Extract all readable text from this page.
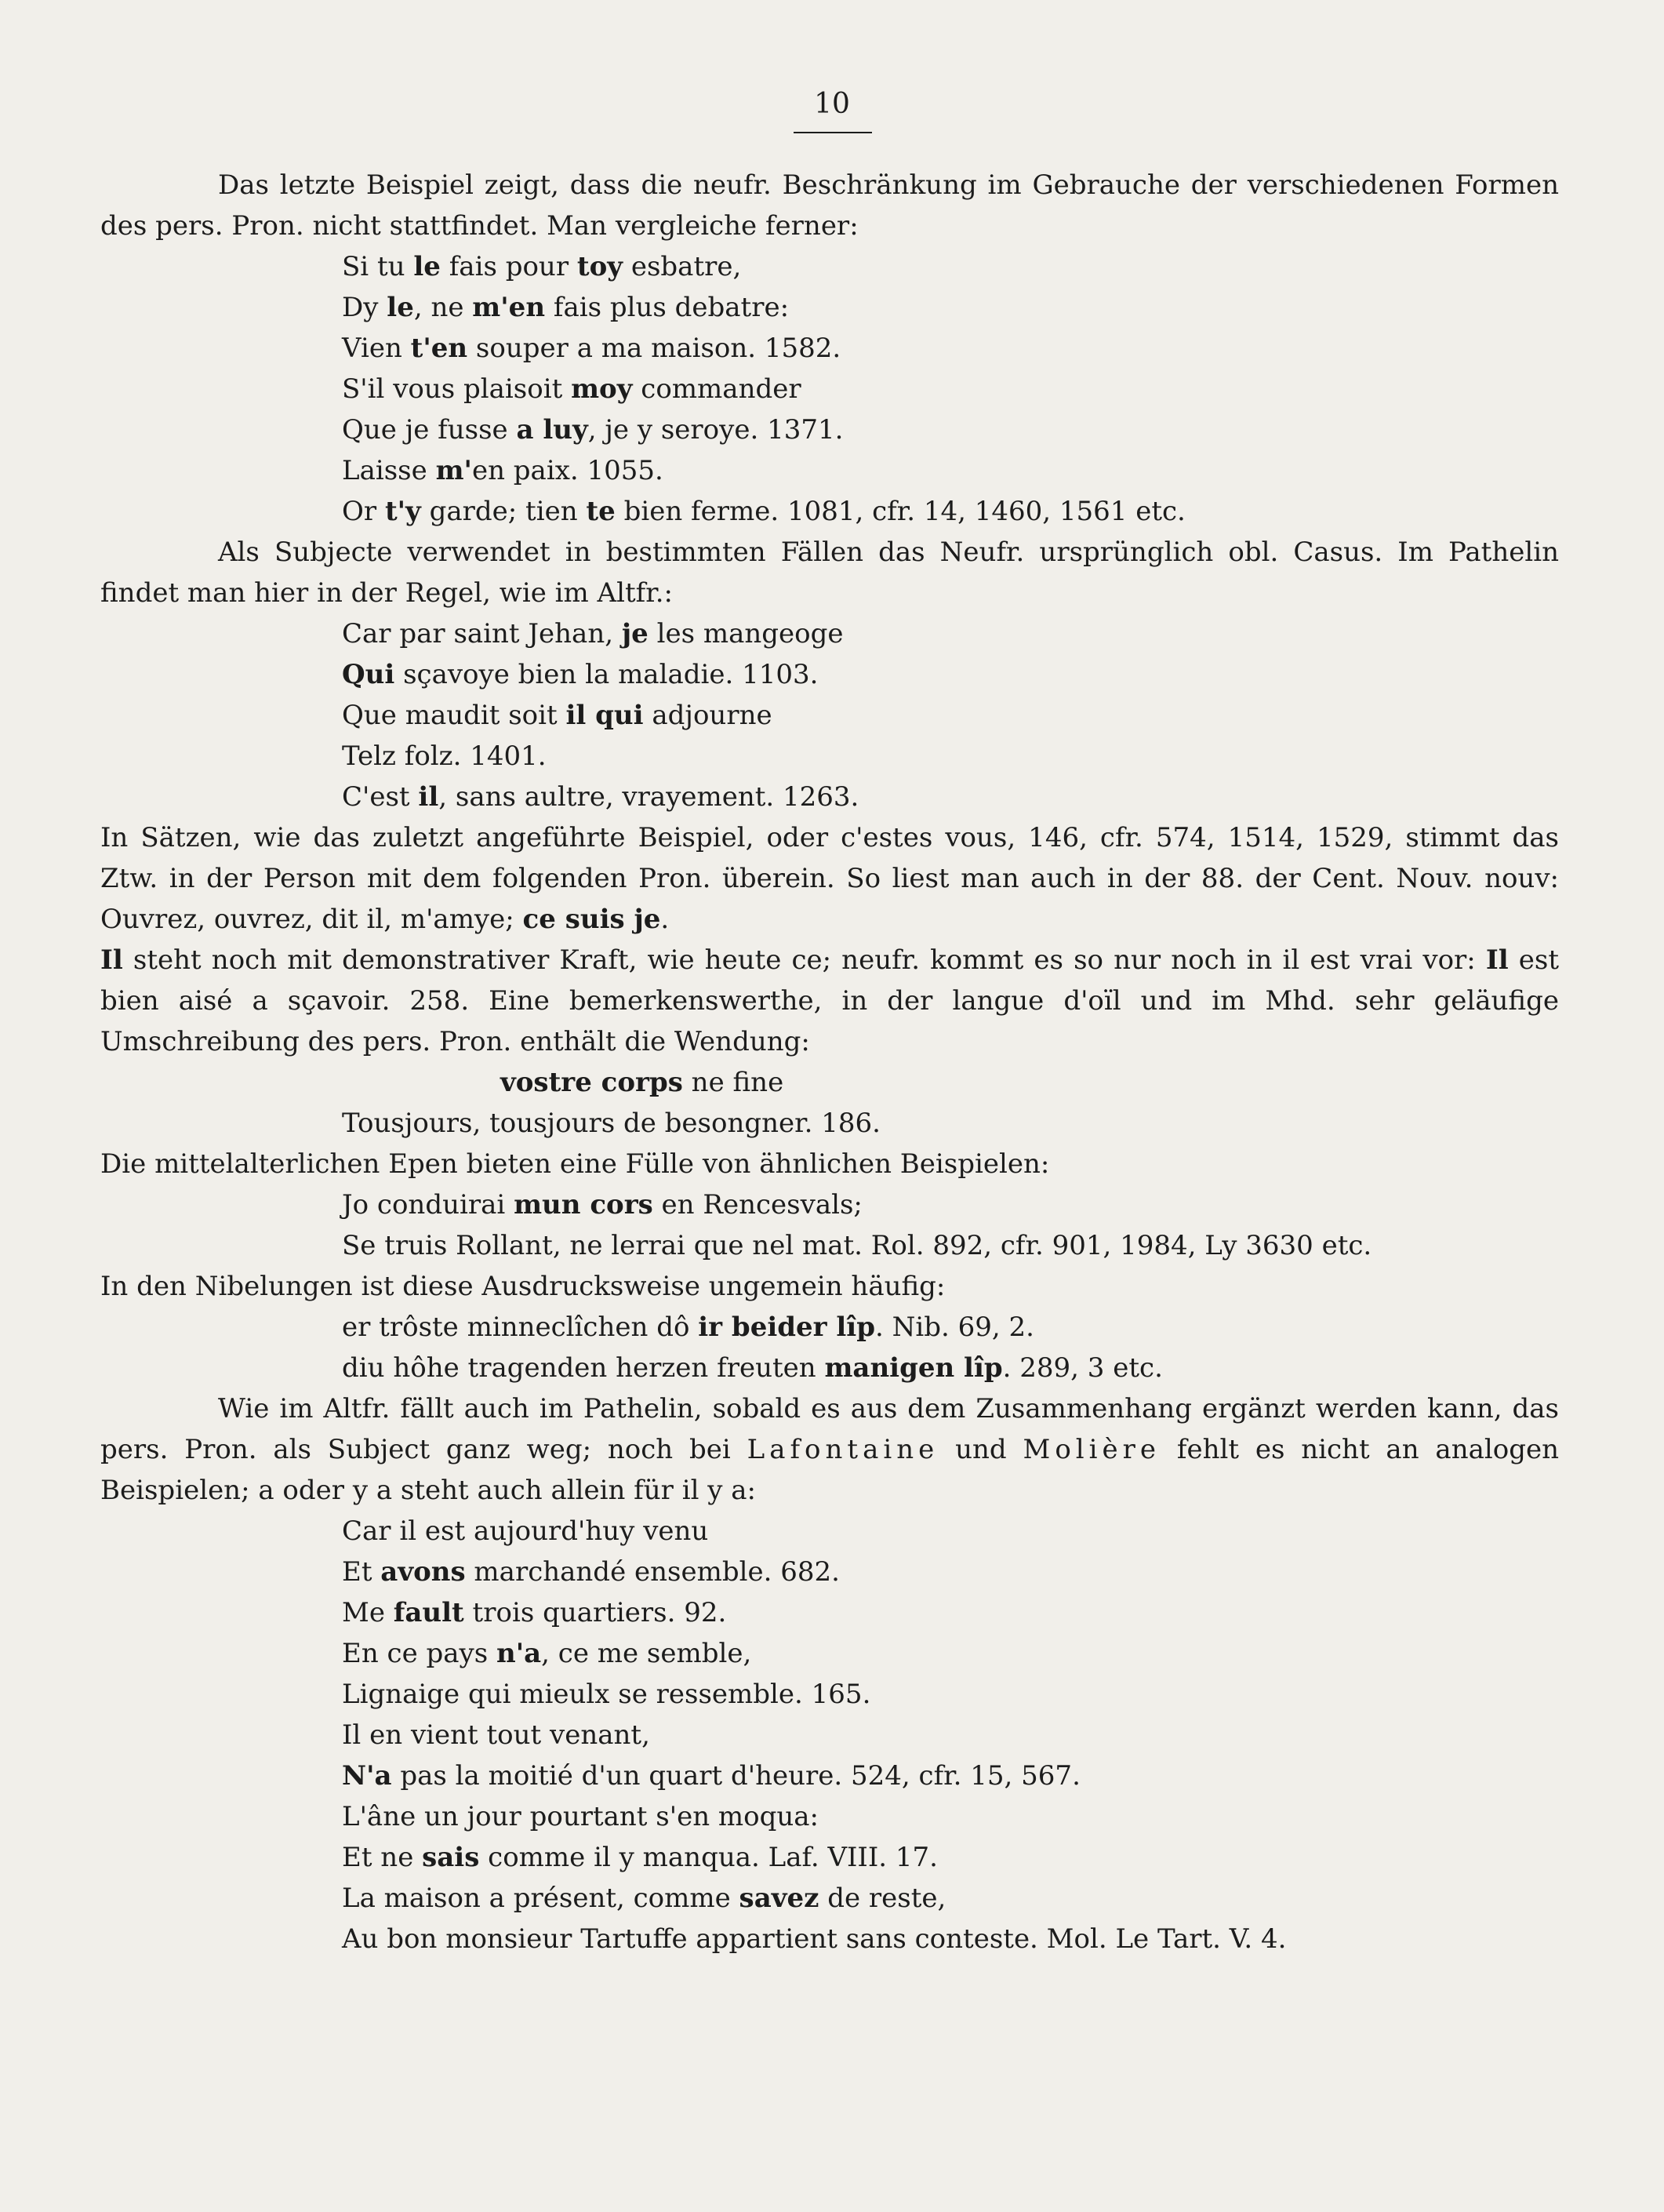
10

Das letzte Beispiel zeigt, dass die neufr. Beschränkung im Gebrauche der verschiedenen Formen des pers. Pron. nicht stattfindet. Man vergleiche ferner:

Si tu le fais pour toy esbatre,
Dy le, ne m'en fais plus debatre:
Vien t'en souper a ma maison. 1582.
S'il vous plaisoit moy commander
Que je fusse a luy, je y seroye. 1371.
Laisse m'en paix. 1055.
Or t'y garde; tien te bien ferme. 1081, cfr. 14, 1460, 1561 etc.

Als Subjecte verwendet in bestimmten Fällen das Neufr. ursprünglich obl. Casus. Im Pathelin findet man hier in der Regel, wie im Altfr.:

Car par saint Jehan, je les mangeoge
Qui sçavoye bien la maladie. 1103.
Que maudit soit il qui adjourne
Telz folz. 1401.
C'est il, sans aultre, vrayement. 1263.

In Sätzen, wie das zuletzt angeführte Beispiel, oder c'estes vous, 146, cfr. 574, 1514, 1529, stimmt das Ztw. in der Person mit dem folgenden Pron. überein. So liest man auch in der 88. der Cent. Nouv. nouv: Ouvrez, ouvrez, dit il, m'amye; ce suis je.

Il steht noch mit demonstrativer Kraft, wie heute ce; neufr. kommt es so nur noch in il est vrai vor: Il est bien aisé a sçavoir. 258. Eine bemerkenswerthe, in der langue d'oïl und im Mhd. sehr geläufige Umschreibung des pers. Pron. enthält die Wendung:

vostre corps ne fine
Tousjours, tousjours de besongner. 186.

Die mittelalterlichen Epen bieten eine Fülle von ähnlichen Beispielen:

Jo conduirai mun cors en Rencesvals;
Se truis Rollant, ne lerrai que nel mat. Rol. 892, cfr. 901, 1984, Ly 3630 etc.

In den Nibelungen ist diese Ausdrucksweise ungemein häufig:

er trôste minneclîchen dô ir beider lîp. Nib. 69, 2.
diu hôhe tragenden herzen freuten manigen lîp. 289, 3 etc.

Wie im Altfr. fällt auch im Pathelin, sobald es aus dem Zusammenhang ergänzt werden kann, das pers. Pron. als Subject ganz weg; noch bei Lafontaine und Molière fehlt es nicht an analogen Beispielen; a oder y a steht auch allein für il y a:

Car il est aujourd'huy venu
Et avons marchandé ensemble. 682.
Me fault trois quartiers. 92.
En ce pays n'a, ce me semble,
Lignaige qui mieulx se ressemble. 165.
Il en vient tout venant,
N'a pas la moitié d'un quart d'heure. 524, cfr. 15, 567.
L'âne un jour pourtant s'en moqua:
Et ne sais comme il y manqua. Laf. VIII. 17.
La maison a présent, comme savez de reste,
Au bon monsieur Tartuffe appartient sans conteste. Mol. Le Tart. V. 4.
